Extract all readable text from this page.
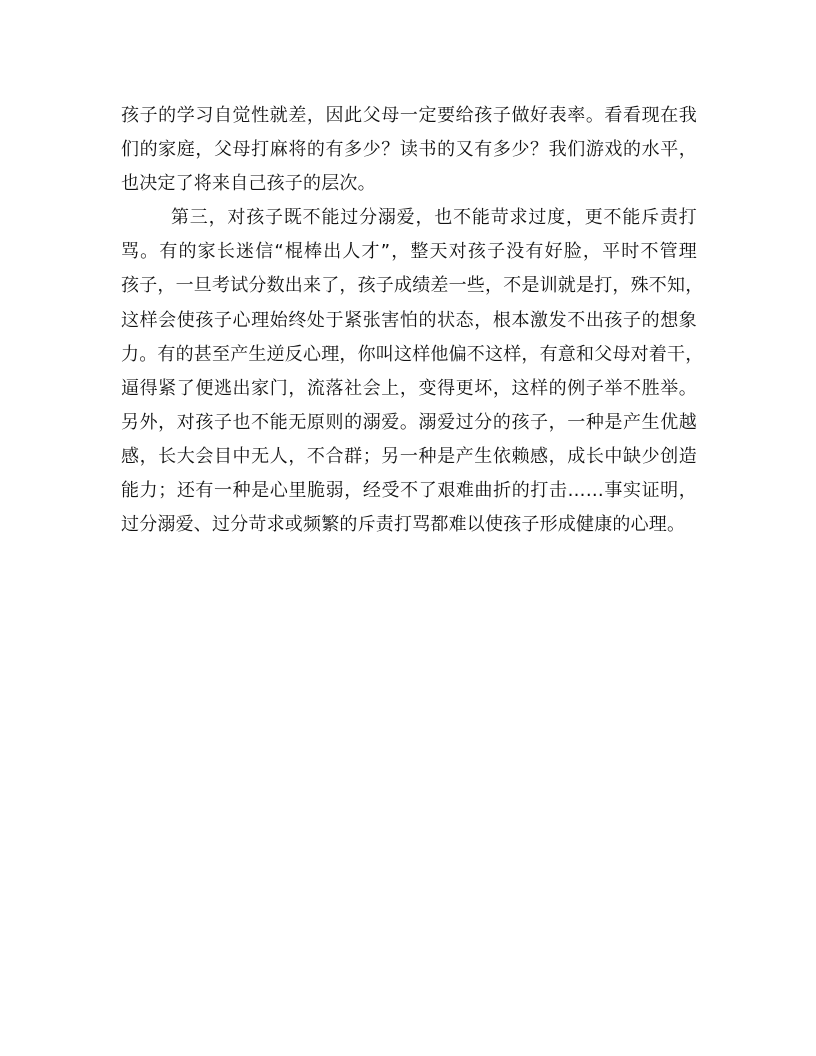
孩子的学习自觉性就差，因此父母一定要给孩子做好表率。看看现在我
们的家庭，父母打麻将的有多少？读书的又有多少？我们游戏的水平，
也决定了将来自己孩子的层次。
第三，对孩子既不能过分溺爱，也不能苛求过度，更不能斥责打
骂。有的家长迷信“棍棒出人才”，整天对孩子没有好脸，平时不管理
孩子，一旦考试分数出来了，孩子成绩差一些，不是训就是打，殊不知，
这样会使孩子心理始终处于紧张害怕的状态，根本激发不出孩子的想象
力。有的甚至产生逆反心理，你叫这样他偏不这样，有意和父母对着干，
逼得紧了便逃出家门，流落社会上，变得更坏，这样的例子举不胜举。
另外，对孩子也不能无原则的溺爱。溺爱过分的孩子，一种是产生优越
感，长大会目中无人，不合群；另一种是产生依赖感，成长中缺少创造
能力；还有一种是心里脆弱，经受不了艰难曲折的打击……事实证明，
过分溺爱、过分苛求或频繁的斥责打骂都难以使孩子形成健康的心理。
